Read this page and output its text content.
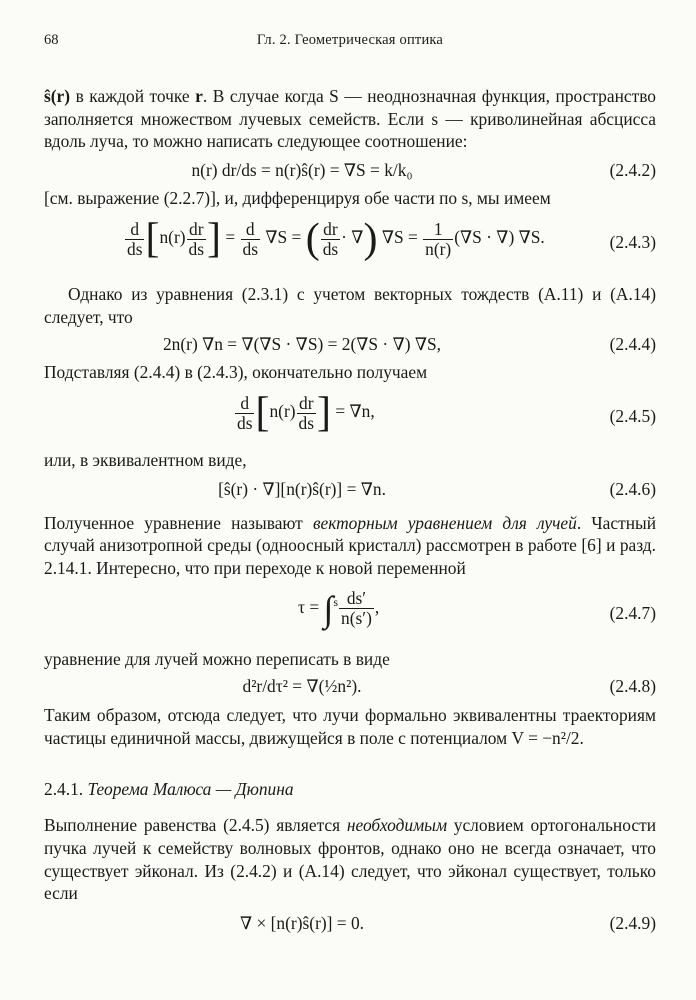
68	Гл. 2. Геометрическая оптика

ŝ(r) в каждой точке r. В случае когда S — неоднозначная функция, пространство заполняется множеством лучевых семейств. Если s — криволинейная абсцисса вдоль луча, то можно написать следующее соотношение:

n(r) dr/ds = n(r)ŝ(r) = ∇S = k/k₀	(2.4.2)

[см. выражение (2.2.7)], и, дифференцируя обе части по s, мы имеем

$\frac{d}{ds} [n(r) \frac{dr}{ds}$ ] = $\frac{d}{ds} \nabla S$ = ( $\frac{dr}{ds}$ · ∇) $\nabla S = \frac{1}{n(r)} (\nabla S$ · ∇) ∇S.	(2.4.3)

Однако из уравнения (2.3.1) с учетом векторных тождеств (A.11) и (A.14) следует, что

2n(r) ∇n = ∇(∇S · ∇S) = 2(∇S · ∇) ∇S,	(2.4.4)

Подставляя (2.4.4) в (2.4.3), окончательно получаем

$\frac{d}{ds} [n(r) \frac{dr}{ds}$ ] = ∇n,	(2.4.5)

или, в эквивалентном виде,

[ŝ(r) · ∇][n(r)ŝ(r)] = ∇n.	(2.4.6)

Полученное уравнение называют векторным уравнением для лучей. Частный случай анизотропной среды (одноосный кристалл) рассмотрен в работе [6] и разд. 2.14.1. Интересно, что при переходе к новой переменной

$\tau = \int^s \frac{ds'}{n(s')}$ ,	(2.4.7)

уравнение для лучей можно переписать в виде

d²r/dτ² = ∇(½n²).	(2.4.8)

Таким образом, отсюда следует, что лучи формально эквивалентны траекториям частицы единичной массы, движущейся в поле с потенциалом V = −n²/2.

2.4.1. Теорема Малюса — Дюпина

Выполнение равенства (2.4.5) является необходимым условием ортогональности пучка лучей к семейству волновых фронтов, однако оно не всегда означает, что существует эйконал. Из (2.4.2) и (A.14) следует, что эйконал существует, только если

∇ × [n(r)ŝ(r)] = 0.	(2.4.9)
